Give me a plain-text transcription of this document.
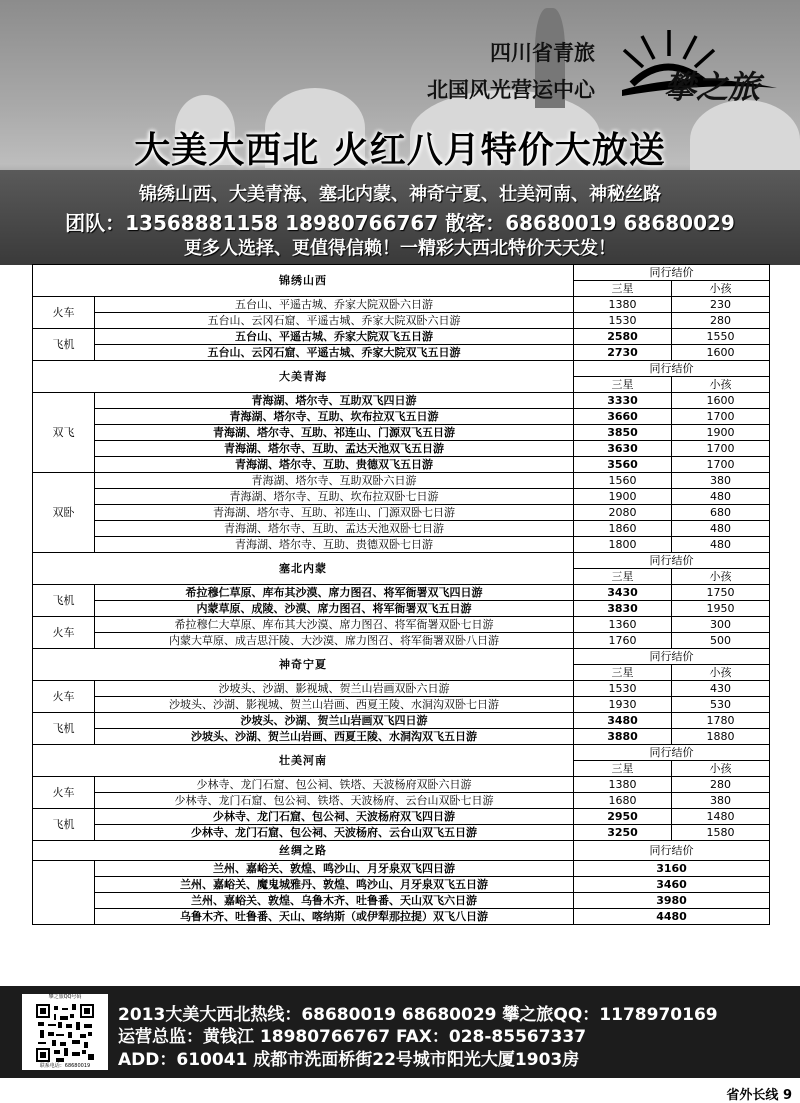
四川省青旅
北国风光营运中心 攀之旅
大美大西北 火红八月特价大放送
锦绣山西、大美青海、塞北内蒙、神奇宁夏、壮美河南、神秘丝路
团队：13568881158 18980766767 散客：68680019 68680029
更多人选择、更值得信赖！一精彩大西北特价天天发！
锦绣山西		同行结价	
		三星	小孩
火车	五台山、平遥古城、乔家大院双卧六日游	1380	230
	五台山、云冈石窟、平遥古城、乔家大院双卧六日游	1530	280
飞机	五台山、平遥古城、乔家大院双飞五日游	2580	1550
	五台山、云冈石窟、平遥古城、乔家大院双飞五日游	2730	1600
大美青海		同行结价	
		三星	小孩
双飞	青海湖、塔尔寺、互助双飞四日游	3330	1600
	青海湖、塔尔寺、互助、坎布拉双飞五日游	3660	1700
	青海湖、塔尔寺、互助、祁连山、门源双飞五日游	3850	1900
	青海湖、塔尔寺、互助、孟达天池双飞五日游	3630	1700
	青海湖、塔尔寺、互助、贵德双飞五日游	3560	1700
双卧	青海湖、塔尔寺、互助双卧六日游	1560	380
	青海湖、塔尔寺、互助、坎布拉双卧七日游	1900	480
	青海湖、塔尔寺、互助、祁连山、门源双卧七日游	2080	680
	青海湖、塔尔寺、互助、孟达天池双卧七日游	1860	480
	青海湖、塔尔寺、互助、贵德双卧七日游	1800	480
塞北内蒙		同行结价	
		三星	小孩
飞机	希拉穆仁草原、库布其沙漠、席力图召、将军衙署双飞四日游	3430	1750
	内蒙草原、成陵、沙漠、席力图召、将军衙署双飞五日游	3830	1950
火车	希拉穆仁大草原、库布其大沙漠、席力图召、将军衙署双卧七日游	1360	300
	内蒙大草原、成吉思汗陵、大沙漠、席力图召、将军衙署双卧八日游	1760	500
神奇宁夏		同行结价	
		三星	小孩
火车	沙坡头、沙湖、影视城、贺兰山岩画双卧六日游	1530	430
	沙坡头、沙湖、影视城、贺兰山岩画、西夏王陵、水洞沟双卧七日游	1930	530
飞机	沙坡头、沙湖、贺兰山岩画双飞四日游	3480	1780
	沙坡头、沙湖、贺兰山岩画、西夏王陵、水洞沟双飞五日游	3880	1880
壮美河南		同行结价	
		三星	小孩
火车	少林寺、龙门石窟、包公祠、铁塔、天波杨府双卧六日游	1380	280
	少林寺、龙门石窟、包公祠、铁塔、天波杨府、云台山双卧七日游	1680	380
飞机	少林寺、龙门石窟、包公祠、天波杨府双飞四日游	2950	1480
	少林寺、龙门石窟、包公祠、天波杨府、云台山双飞五日游	3250	1580
丝绸之路		同行结价	
	兰州、嘉峪关、敦煌、鸣沙山、月牙泉双飞四日游	3160	
	兰州、嘉峪关、魔鬼城雅丹、敦煌、鸣沙山、月牙泉双飞五日游	3460	
	兰州、嘉峪关、敦煌、乌鲁木齐、吐鲁番、天山双飞六日游	3980	
	乌鲁木齐、吐鲁番、天山、喀纳斯（或伊犁那拉提）双飞八日游	4480	
攀之旅QQ号码
联系电话：68680019
2013大美大西北热线：68680019 68680029 攀之旅QQ：1178970169
运营总监：黄钱江 18980766767 FAX：028-85567337
ADD：610041 成都市洗面桥街22号城市阳光大厦1903房
省外长线 9
